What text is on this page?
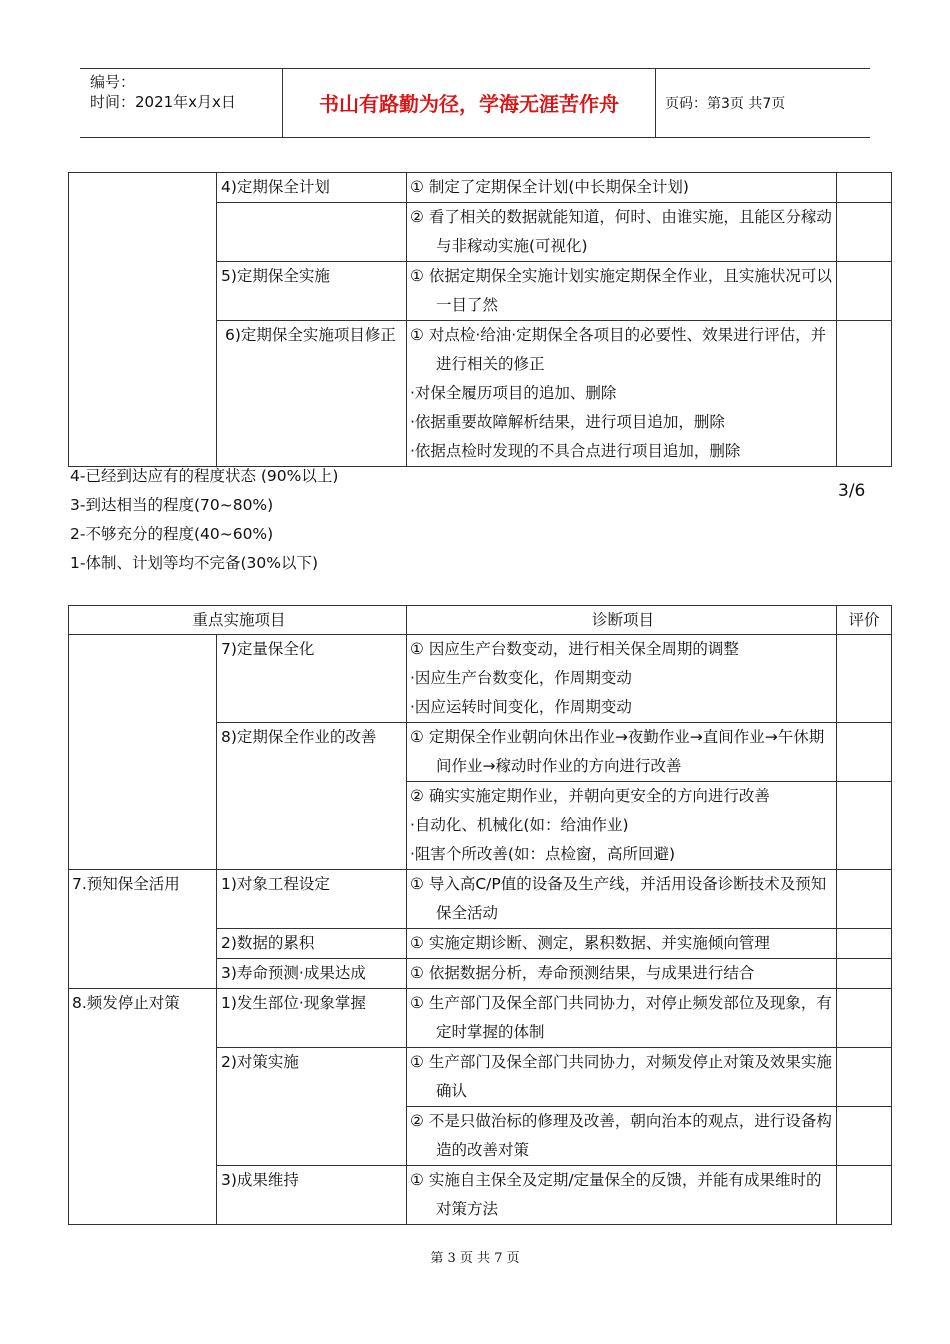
编号：
时间：2021年x月x日	书山有路勤为径，学海无涯苦作舟	页码：第3页 共7页

	4)定期保全计划	① 制定了定期保全计划(中长期保全计划)	

		② 看了相关的数据就能知道，何时、由谁实施，且能区分稼动与非稼动实施(可视化)	

	5)定期保全实施	① 依据定期保全实施计划实施定期保全作业，且实施状况可以一目了然	

	6)定期保全实施项目修正	① 对点检·给油·定期保全各项目的必要性、效果进行评估，并进行相关的修正
·对保全履历项目的追加、删除
·依据重要故障解析结果，进行项目追加，删除
·依据点检时发现的不具合点进行项目追加，删除	

4-已经到达应有的程度状态 (90%以上)
3-到达相当的程度(70~80%)
2-不够充分的程度(40~60%)
1-体制、计划等均不完备(30%以下)
3/6
重点实施项目		诊断项目	评价

	7)定量保全化	① 因应生产台数变动，进行相关保全周期的调整
·因应生产台数变化，作周期变动
·因应运转时间变化，作周期变动	

	8)定期保全作业的改善	① 定期保全作业朝向休出作业→夜勤作业→直间作业→午休期间作业→稼动时作业的方向进行改善	

		② 确实实施定期作业，并朝向更安全的方向进行改善
·自动化、机械化(如：给油作业)
·阻害个所改善(如：点检窗，高所回避)	

7.预知保全活用	1)对象工程设定	① 导入高C/P值的设备及生产线，并活用设备诊断技术及预知保全活动	

	2)数据的累积	① 实施定期诊断、测定，累积数据、并实施倾向管理	

	3)寿命预测·成果达成	① 依据数据分析，寿命预测结果，与成果进行结合	

8.频发停止对策	1)发生部位·现象掌握	① 生产部门及保全部门共同协力，对停止频发部位及现象，有定时掌握的体制	

	2)对策实施	① 生产部门及保全部门共同协力，对频发停止对策及效果实施确认	

		② 不是只做治标的修理及改善，朝向治本的观点，进行设备构造的改善对策	

	3)成果维持	① 实施自主保全及定期/定量保全的反馈，并能有成果维时的对策方法	

第 3 页 共 7 页
